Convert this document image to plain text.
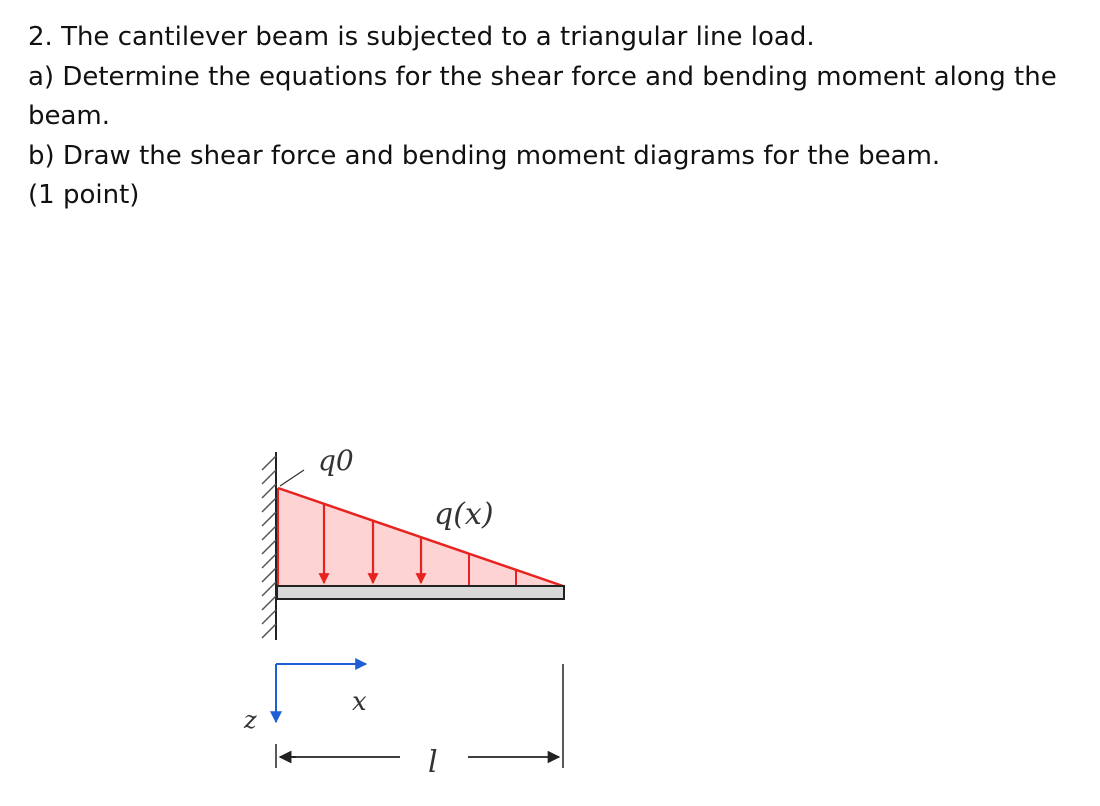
2. The cantilever beam is subjected to a triangular line load.

a) Determine the equations for the shear force and bending moment along the beam.

b) Draw the shear force and bending moment diagrams for the beam.

(1 point)

q0
q(x)
x
z
l
